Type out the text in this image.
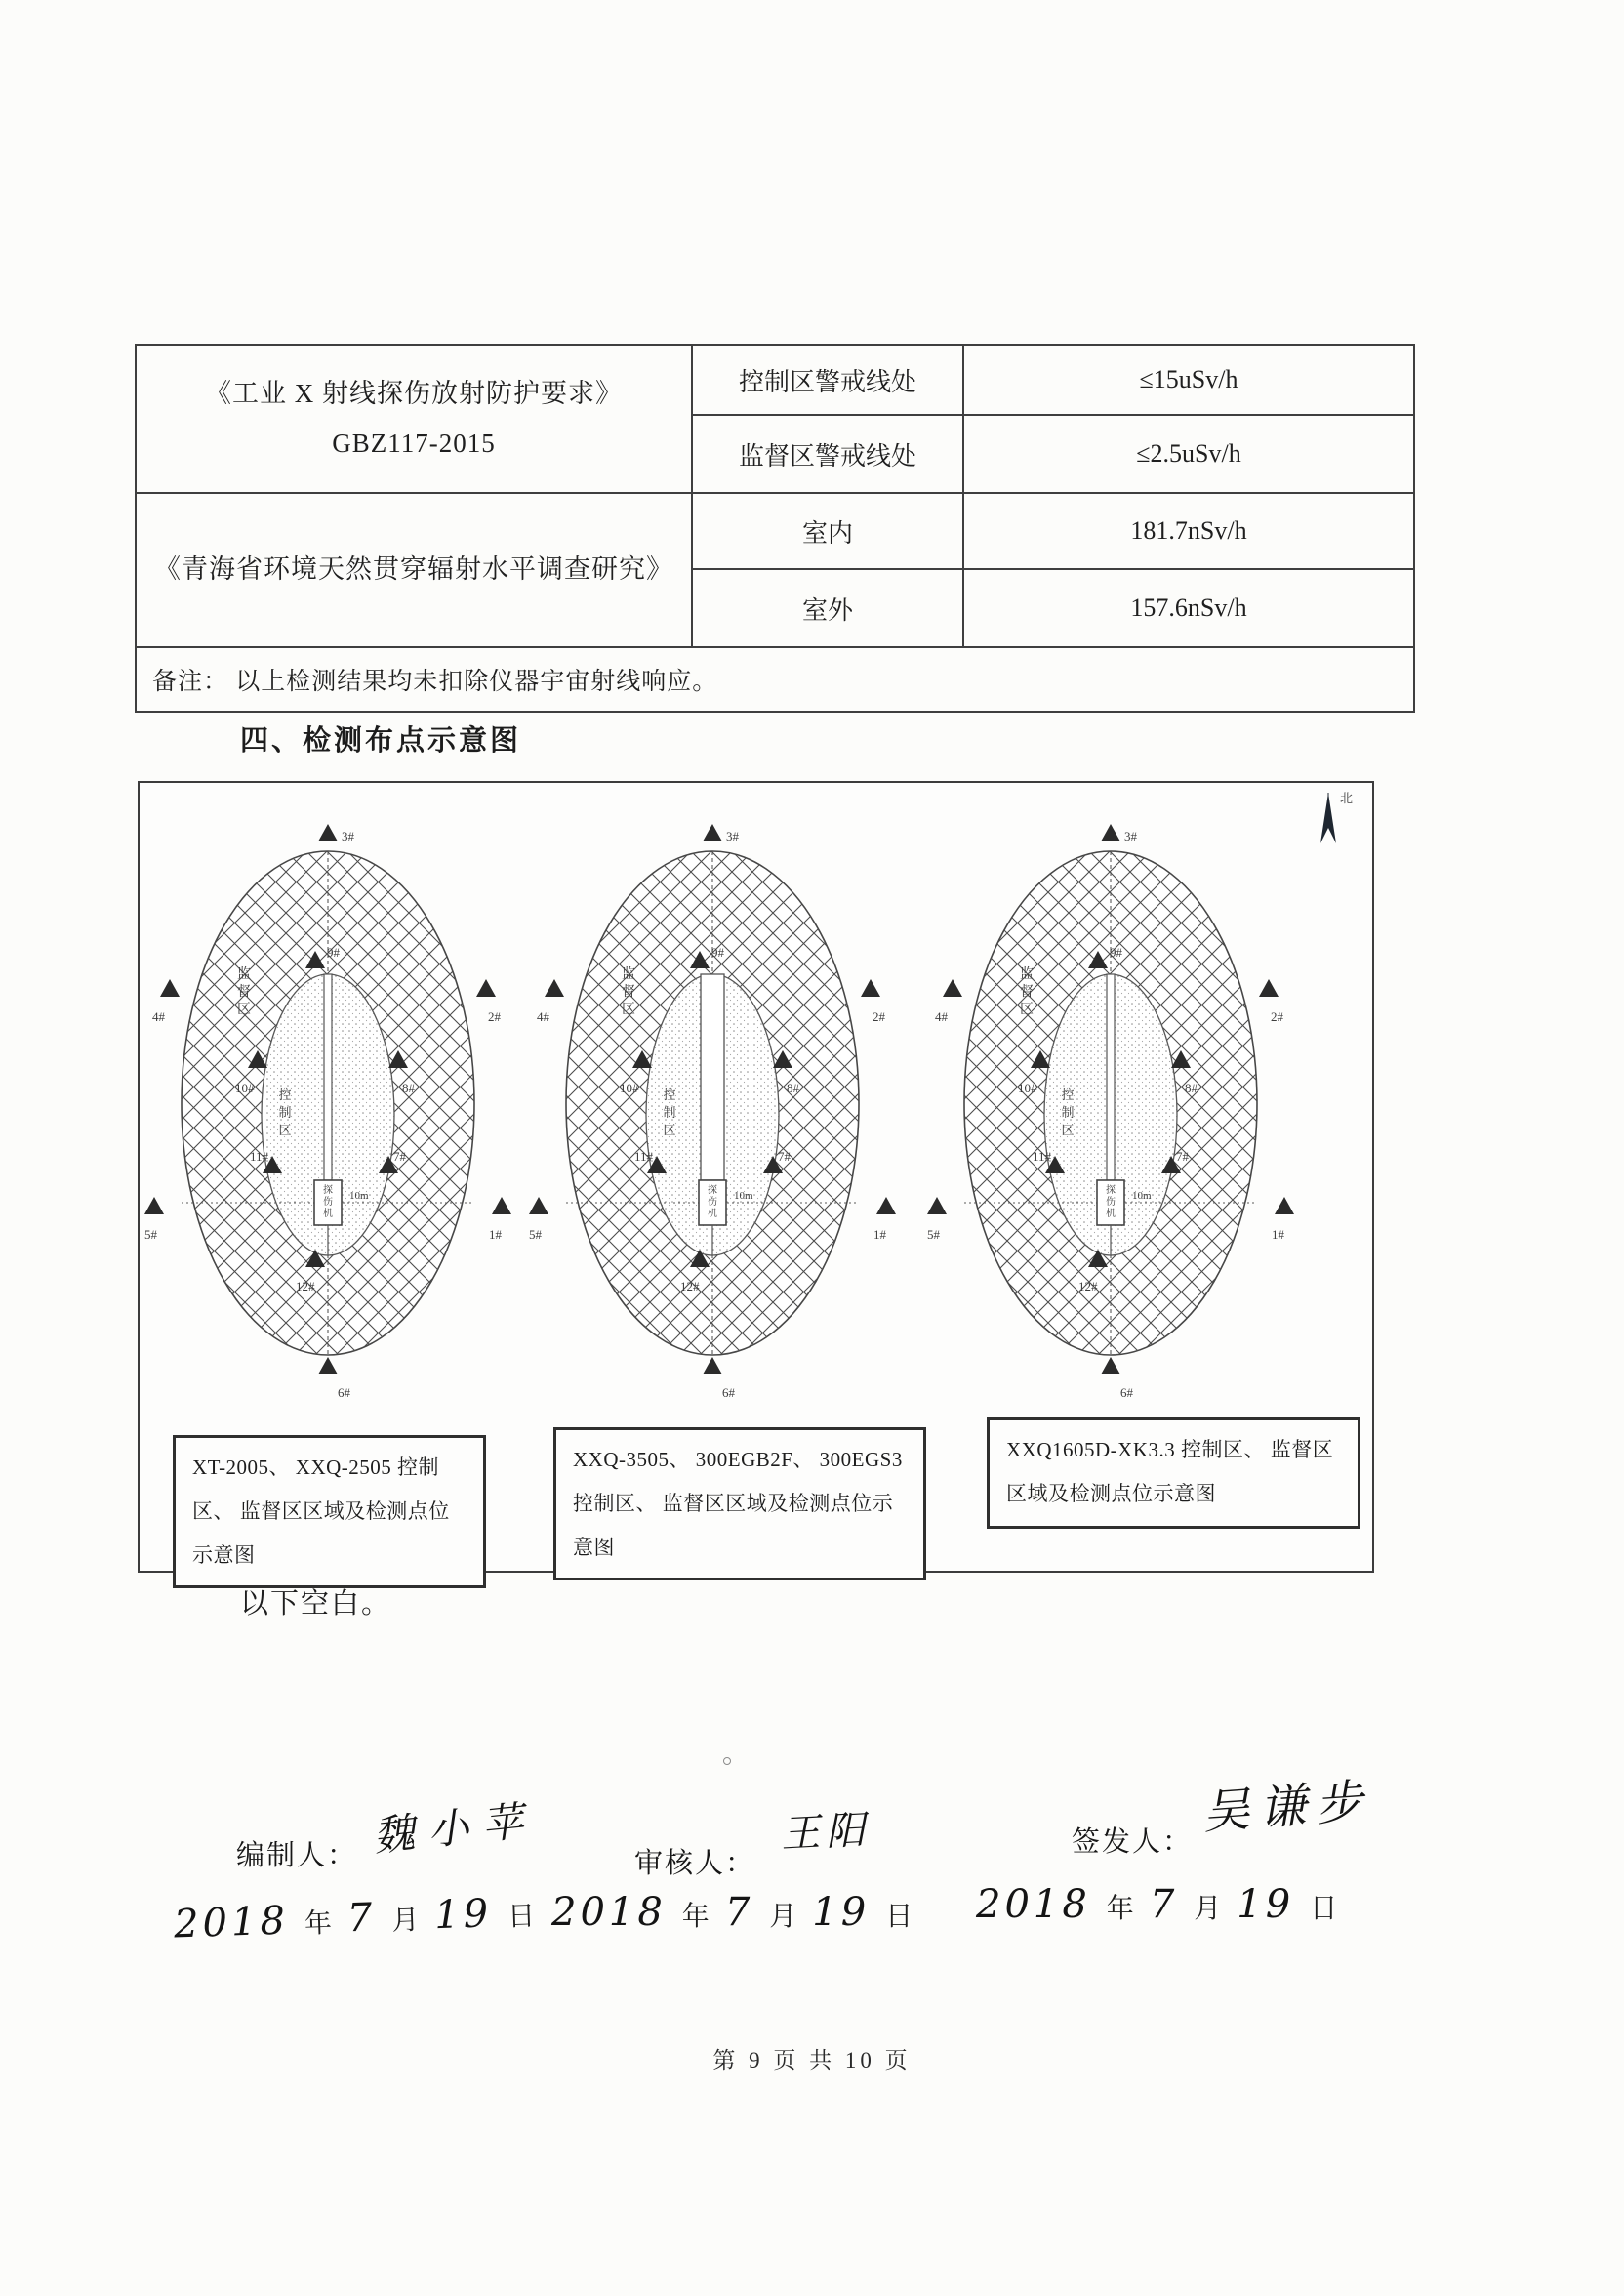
《工业 X 射线探伤放射防护要求》
GBZ117-2015	控制区警戒线处	≤15uSv/h
	监督区警戒线处	≤2.5uSv/h

《青海省环境天然贯穿辐射水平调查研究》	室内	181.7nSv/h
	室外	157.6nSv/h
备注： 以上检测结果均未扣除仪器宇宙射线响应。		
四、检测布点示意图
探
伤
机
10m
监
督
区
控
制
区
3#
4#	2#
9#
10#	8#
11#	7#
5#	1#
12#
6#
探
伤
机
10m
监
督
区
控
制
区
3#
4#	2#
9#
10#	8#
11#	7#
5#	1#
12#
6#
探
伤
机
10m
监
督
区
控
制
区
3#
4#	2#
9#
10#	8#
11#	7#
5#	1#
12#
6#
XT-2005、 XXQ-2505 控制区、 监督区区域及检测点位示意图
XXQ-3505、 300EGB2F、 300EGS3 控制区、 监督区区域及检测点位示意图
XXQ1605D-XK3.3 控制区、 监督区区域及检测点位示意图
北
以下空白。
编制人： 魏小苹
审核人：
王阳	签发人：
吴谦步
2018 年 7 月 19 日 2018 年 7 月 19 日 2018 年 7 月 19 日
第 9 页 共 10 页
